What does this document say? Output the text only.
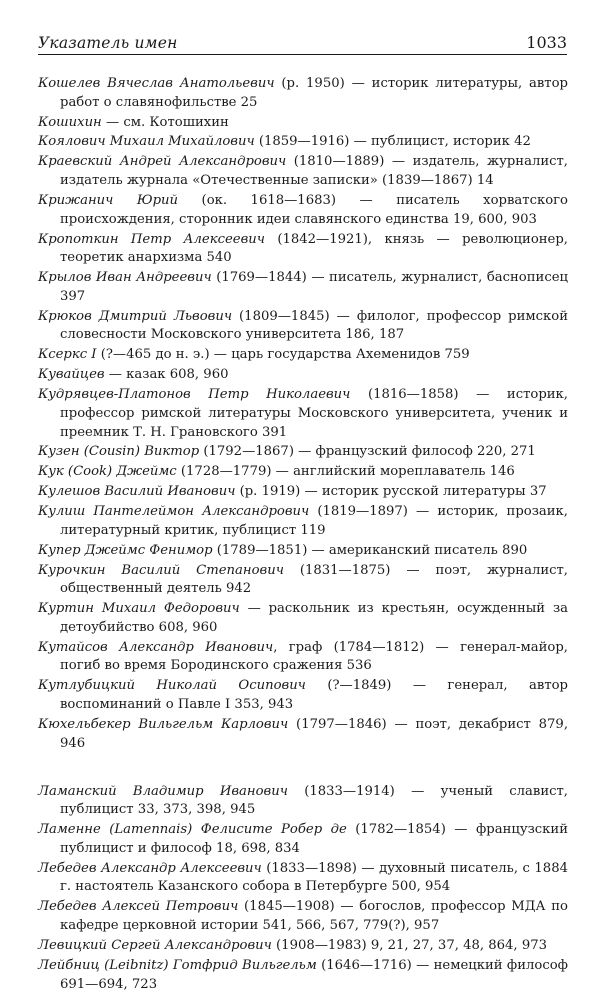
Указатель имен	1033

Кошелев Вячеслав Анатольевич (р. 1950) — историк литературы, автор работ о славянофильстве 25

Кошихин — см. Котошихин

Коялович Михаил Михайлович (1859—1916) — публицист, историк 42

Краевский Андрей Александрович (1810—1889) — издатель, журналист, издатель журнала «Отечественные записки» (1839—1867) 14

Крижанич Юрий (ок. 1618—1683) — писатель хорватского происхождения, сторонник идеи славянского единства 19, 600, 903

Кропоткин Петр Алексеевич (1842—1921), князь — революционер, теоретик анархизма 540

Крылов Иван Андреевич (1769—1844) — писатель, журналист, баснописец 397

Крюков Дмитрий Львович (1809—1845) — филолог, профессор римской словесности Московского университета 186, 187

Ксеркс I (?—465 до н. э.) — царь государства Ахеменидов 759

Кувайцев — казак 608, 960

Кудрявцев-Платонов Петр Николаевич (1816—1858) — историк, профессор римской литературы Московского университета, ученик и преемник Т. Н. Грановского 391

Кузен (Cousin) Виктор (1792—1867) — французский философ 220, 271

Кук (Cook) Джеймс (1728—1779) — английский мореплаватель 146

Кулешов Василий Иванович (р. 1919) — историк русской литературы 37

Кулиш Пантелеймон Александрович (1819—1897) — историк, прозаик, литературный критик, публицист 119

Купер Джеймс Фенимор (1789—1851) — американский писатель 890

Курочкин Василий Степанович (1831—1875) — поэт, журналист, общественный деятель 942

Куртин Михаил Федорович — раскольник из крестьян, осужденный за детоубийство 608, 960

Кутайсов Александр Иванович, граф (1784—1812) — генерал-майор, погиб во время Бородинского сражения 536

Кутлубицкий Николай Осипович (?—1849) — генерал, автор воспоминаний о Павле I 353, 943

Кюхельбекер Вильгельм Карлович (1797—1846) — поэт, декабрист 879, 946

Ламанский Владимир Иванович (1833—1914) — ученый славист, публицист 33, 373, 398, 945

Ламенне (Lamennais) Фелисите Робер де (1782—1854) — французский публицист и философ 18, 698, 834

Лебедев Александр Алексеевич (1833—1898) — духовный писатель, с 1884 г. настоятель Казанского собора в Петербурге 500, 954

Лебедев Алексей Петрович (1845—1908) — богослов, профессор МДА по кафедре церковной истории 541, 566, 567, 779(?), 957

Левицкий Сергей Александрович (1908—1983) 9, 21, 27, 37, 48, 864, 973

Лейбниц (Leibnitz) Готфрид Вильгельм (1646—1716) — немецкий философ 691—694, 723
